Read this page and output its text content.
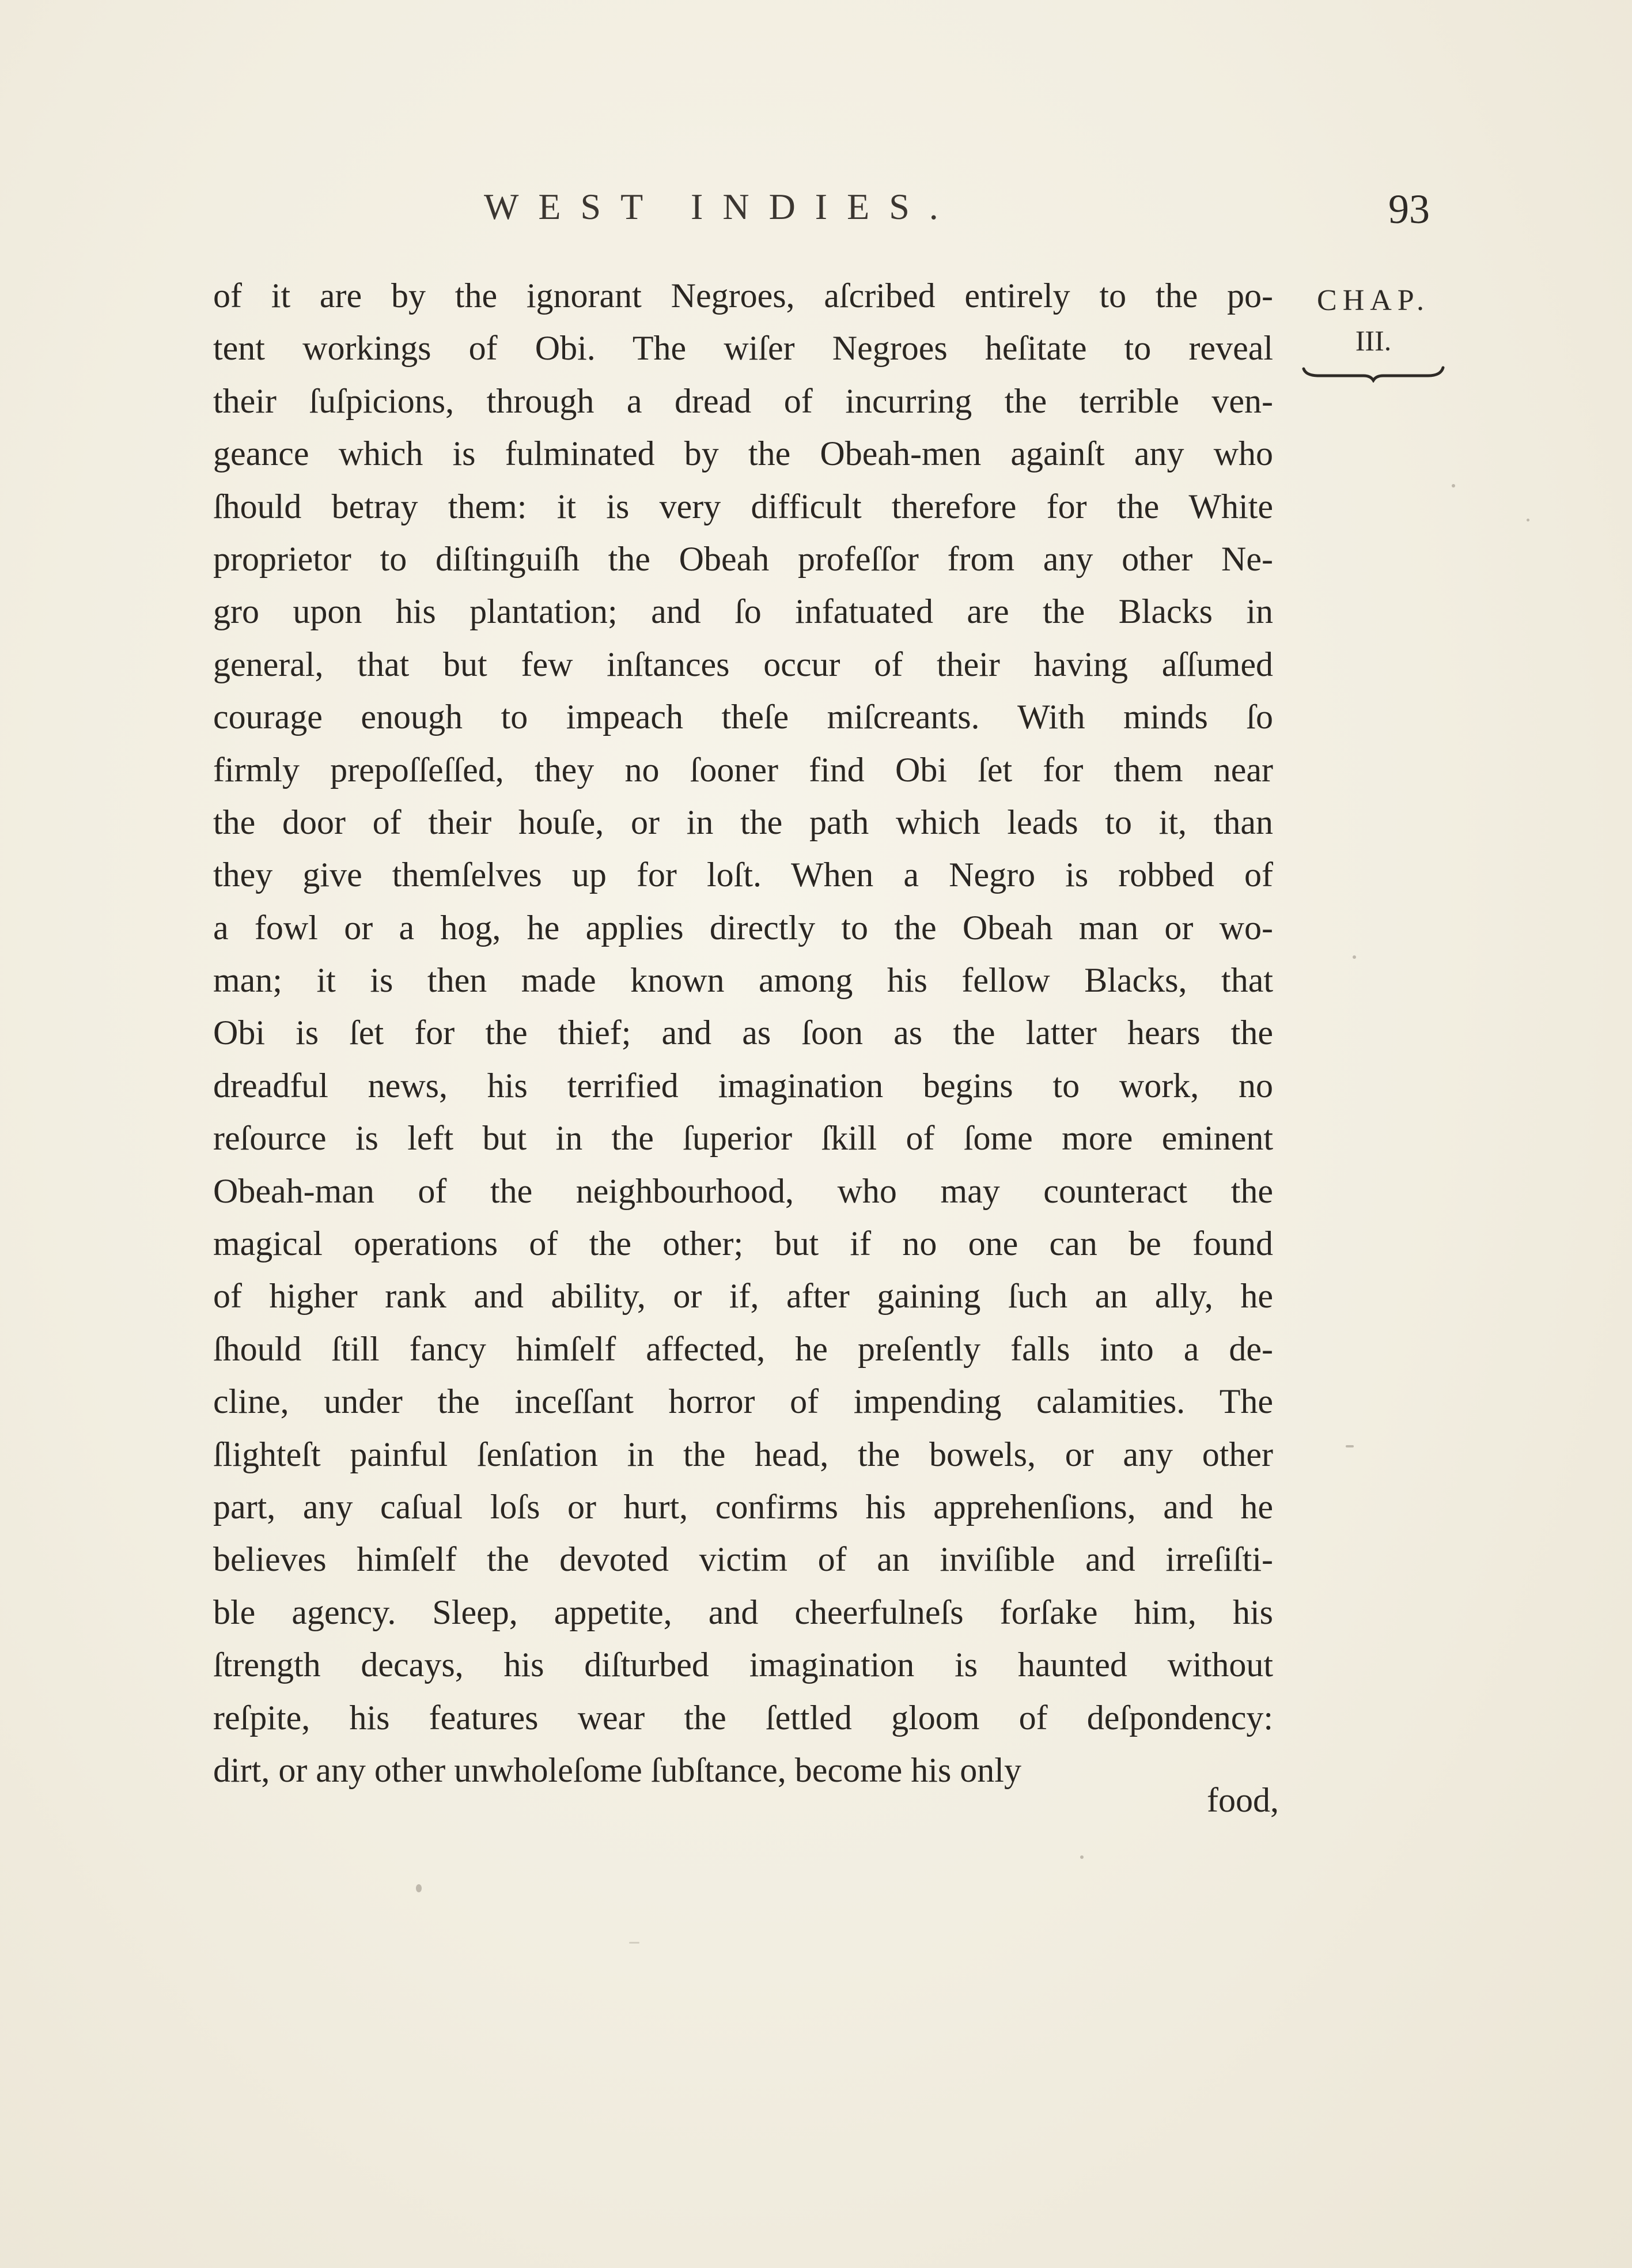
WEST INDIES.	93
CHAP.
III.
of it are by the ignorant Negroes, aſcribed entirely to the po-
tent workings of Obi. The wiſer Negroes heſitate to reveal
their ſuſpicions, through a dread of incurring the terrible ven-
geance which is fulminated by the Obeah-men againſt any who
ſhould betray them: it is very difficult therefore for the White
proprietor to diſtinguiſh the Obeah profeſſor from any other Ne-
gro upon his plantation; and ſo infatuated are the Blacks in
general, that but few inſtances occur of their having aſſumed
courage enough to impeach theſe miſcreants. With minds ſo
firmly prepoſſeſſed, they no ſooner find Obi ſet for them near
the door of their houſe, or in the path which leads to it, than
they give themſelves up for loſt. When a Negro is robbed of
a fowl or a hog, he applies directly to the Obeah man or wo-
man; it is then made known among his fellow Blacks, that
Obi is ſet for the thief; and as ſoon as the latter hears the
dreadful news, his terrified imagination begins to work, no
reſource is left but in the ſuperior ſkill of ſome more eminent
Obeah-man of the neighbourhood, who may counteract the
magical operations of the other; but if no one can be found
of higher rank and ability, or if, after gaining ſuch an ally, he
ſhould ſtill fancy himſelf affected, he preſently falls into a de-
cline, under the inceſſant horror of impending calamities. The
ſlighteſt painful ſenſation in the head, the bowels, or any other
part, any caſual loſs or hurt, confirms his apprehenſions, and he
believes himſelf the devoted victim of an inviſible and irreſiſti-
ble agency. Sleep, appetite, and cheerfulneſs forſake him, his
ſtrength decays, his diſturbed imagination is haunted without
reſpite, his features wear the ſettled gloom of deſpondency:
dirt, or any other unwholeſome ſubſtance, become his only
food,
